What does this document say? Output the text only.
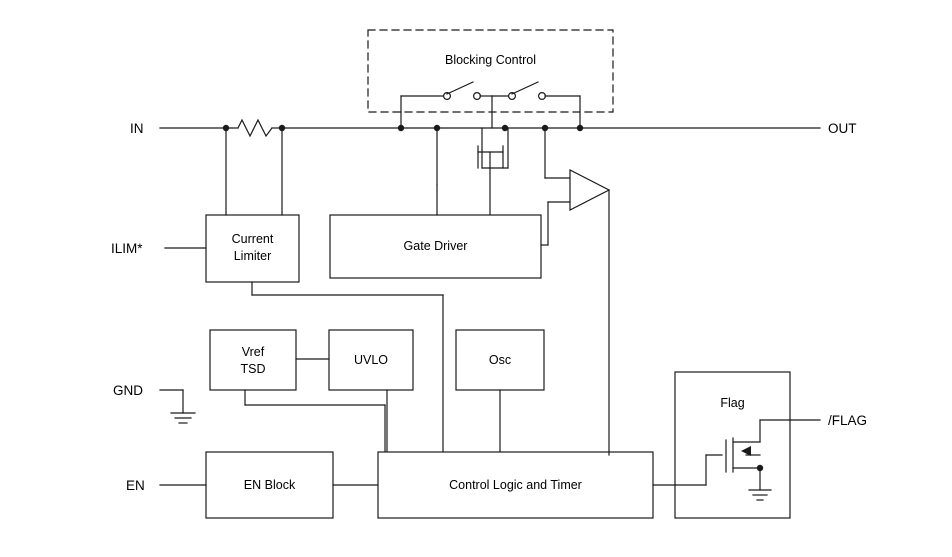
IN	OUT
ILIM*
GND
EN
/FLAG
Blocking Control
Current
Limiter
Gate Driver
Vref
TSD
UVLO	Osc
Flag
EN Block	Control Logic and Timer
